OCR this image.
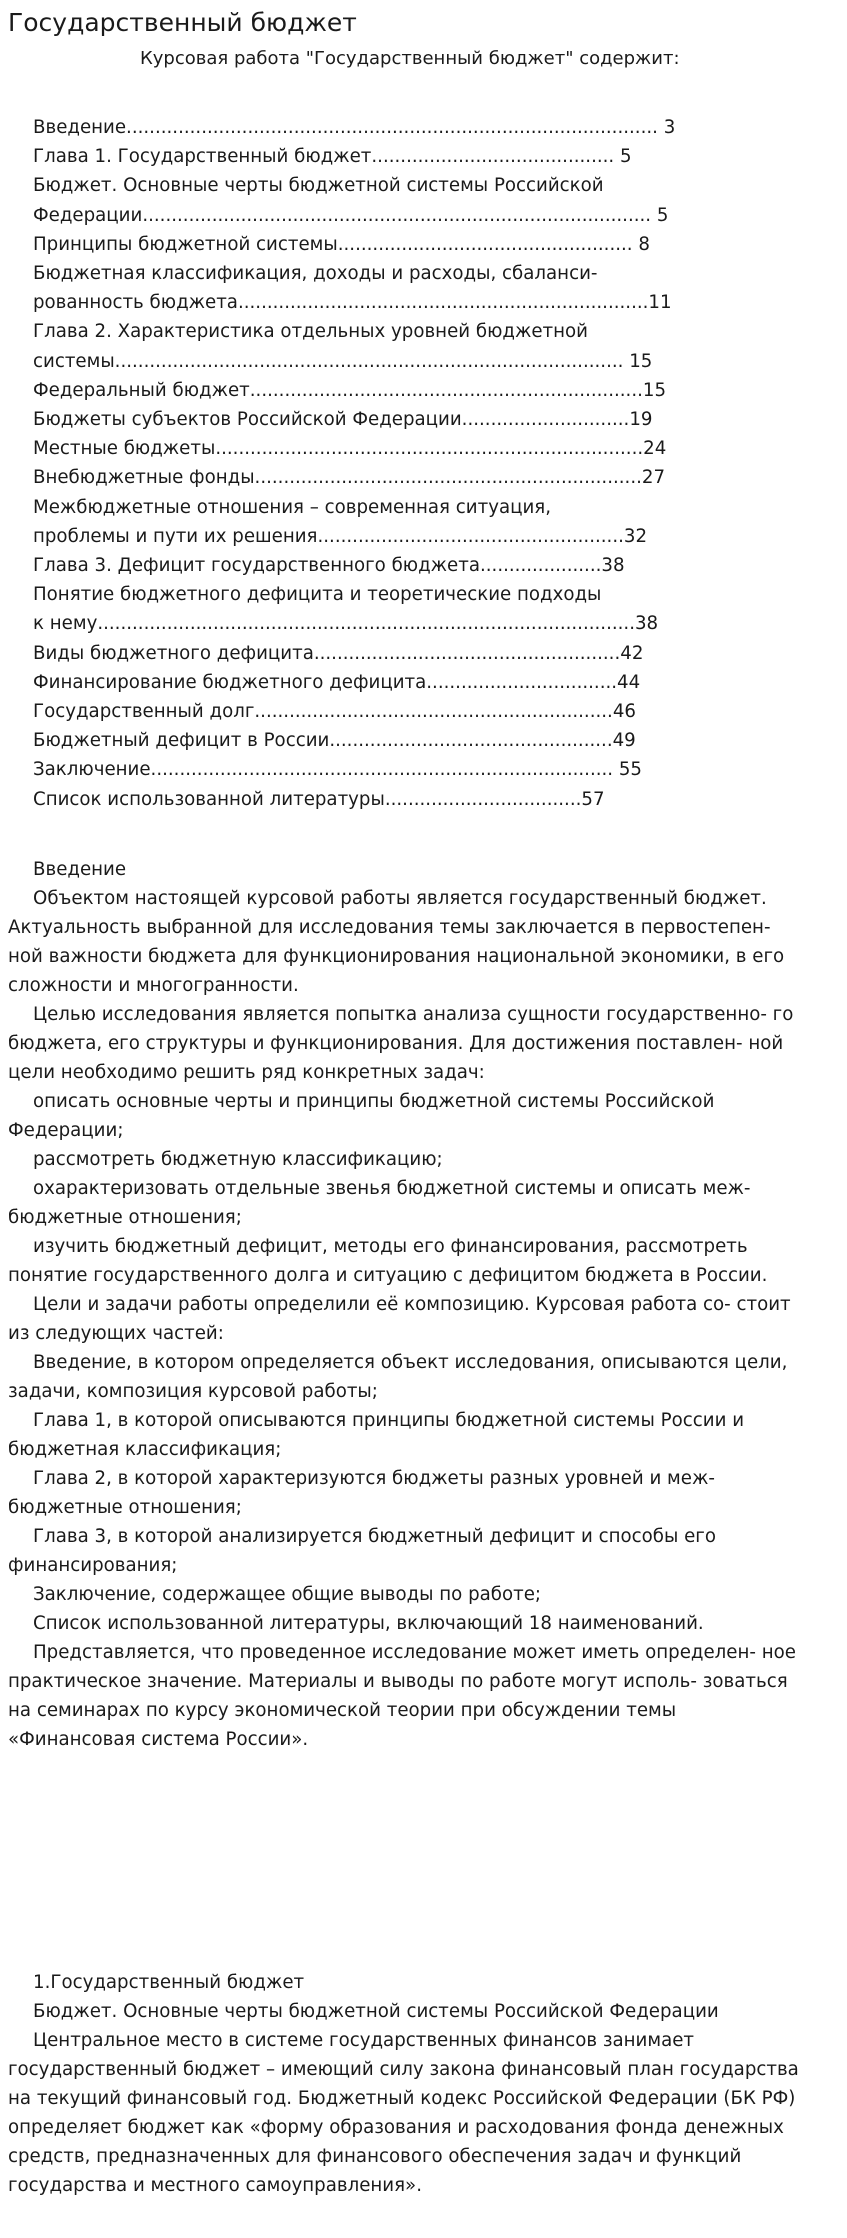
Государственный бюджет
Курсовая работа "Государственный бюджет" содержит:
Введение............................................................................................ 3
Глава 1. Государственный бюджет.......................................... 5
Бюджет. Основные черты бюджетной системы Российской
Федерации........................................................................................ 5
Принципы бюджетной системы................................................... 8
Бюджетная классификация, доходы и расходы, сбаланси-
рованность бюджета.......................................................................11
Глава 2. Характеристика отдельных уровней бюджетной
системы........................................................................................ 15
Федеральный бюджет....................................................................15
Бюджеты субъектов Российской Федерации.............................19
Местные бюджеты..........................................................................24
Внебюджетные фонды...................................................................27
Межбюджетные отношения – современная ситуация,
проблемы и пути их решения.....................................................32
Глава 3. Дефицит государственного бюджета.....................38
Понятие бюджетного дефицита и теоретические подходы
к нему.............................................................................................38
Виды бюджетного дефицита.....................................................42
Финансирование бюджетного дефицита.................................44
Государственный долг..............................................................46
Бюджетный дефицит в России.................................................49
Заключение................................................................................ 55
Список использованной литературы..................................57
Введение
Объектом настоящей курсовой работы является государственный бюджет.
Актуальность выбранной для исследования темы заключается в первостепен-
ной важности бюджета для функционирования национальной экономики, в его
сложности и многогранности.
Целью исследования является попытка анализа сущности государственно- го
бюджета, его структуры и функционирования. Для достижения поставлен- ной
цели необходимо решить ряд конкретных задач:
описать основные черты и принципы бюджетной системы Российской
Федерации;
рассмотреть бюджетную классификацию;
охарактеризовать отдельные звенья бюджетной системы и описать меж-
бюджетные отношения;
изучить бюджетный дефицит, методы его финансирования, рассмотреть
понятие государственного долга и ситуацию с дефицитом бюджета в России.
Цели и задачи работы определили её композицию. Курсовая работа со- стоит
из следующих частей:
Введение, в котором определяется объект исследования, описываются цели,
задачи, композиция курсовой работы;
Глава 1, в которой описываются принципы бюджетной системы России и
бюджетная классификация;
Глава 2, в которой характеризуются бюджеты разных уровней и меж-
бюджетные отношения;
Глава 3, в которой анализируется бюджетный дефицит и способы его
финансирования;
Заключение, содержащее общие выводы по работе;
Список использованной литературы, включающий 18 наименований.
Представляется, что проведенное исследование может иметь определен- ное
практическое значение. Материалы и выводы по работе могут исполь- зоваться
на семинарах по курсу экономической теории при обсуждении темы
«Финансовая система России».
1.Государственный бюджет
Бюджет. Основные черты бюджетной системы Российской Федерации
Центральное место в системе государственных финансов занимает
государственный бюджет – имеющий силу закона финансовый план государства
на текущий финансовый год. Бюджетный кодекс Российской Федерации (БК РФ)
определяет бюджет как «форму образования и расходования фонда денежных
средств, предназначенных для финансового обеспечения задач и функций
государства и местного самоуправления».
